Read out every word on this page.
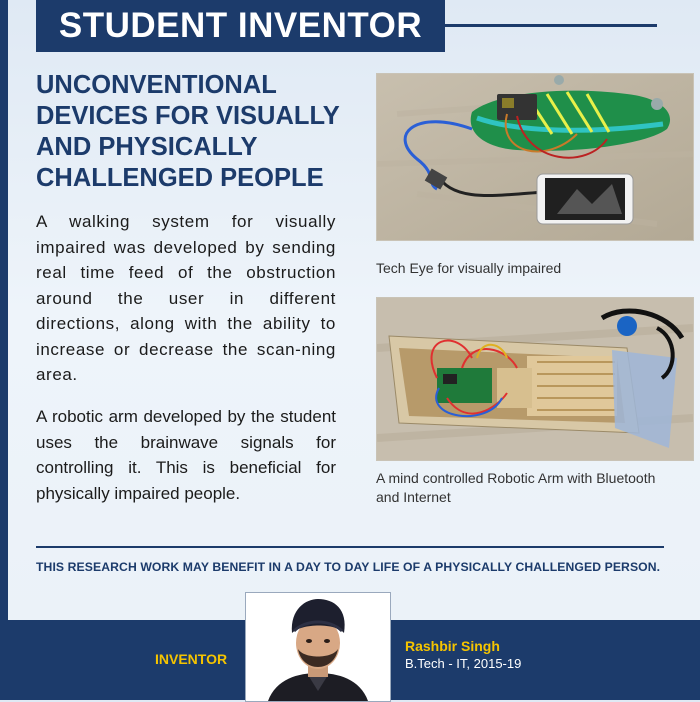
STUDENT INVENTOR
UNCONVENTIONAL DEVICES FOR VISUALLY AND PHYSICALLY CHALLENGED PEOPLE

A walking system for visually impaired was developed by sending real time feed of the obstruction around the user in different directions, along with the ability to increase or decrease the scan-ning area.

A robotic arm developed by the student uses the brainwave signals for controlling it. This is beneficial for physically impaired people.

Tech Eye for visually impaired

A mind controlled Robotic Arm with Bluetooth and Internet

THIS RESEARCH WORK MAY BENEFIT IN A DAY TO DAY LIFE OF A PHYSICALLY CHALLENGED PERSON.

INVENTOR
Rashbir Singh
B.Tech - IT, 2015-19
